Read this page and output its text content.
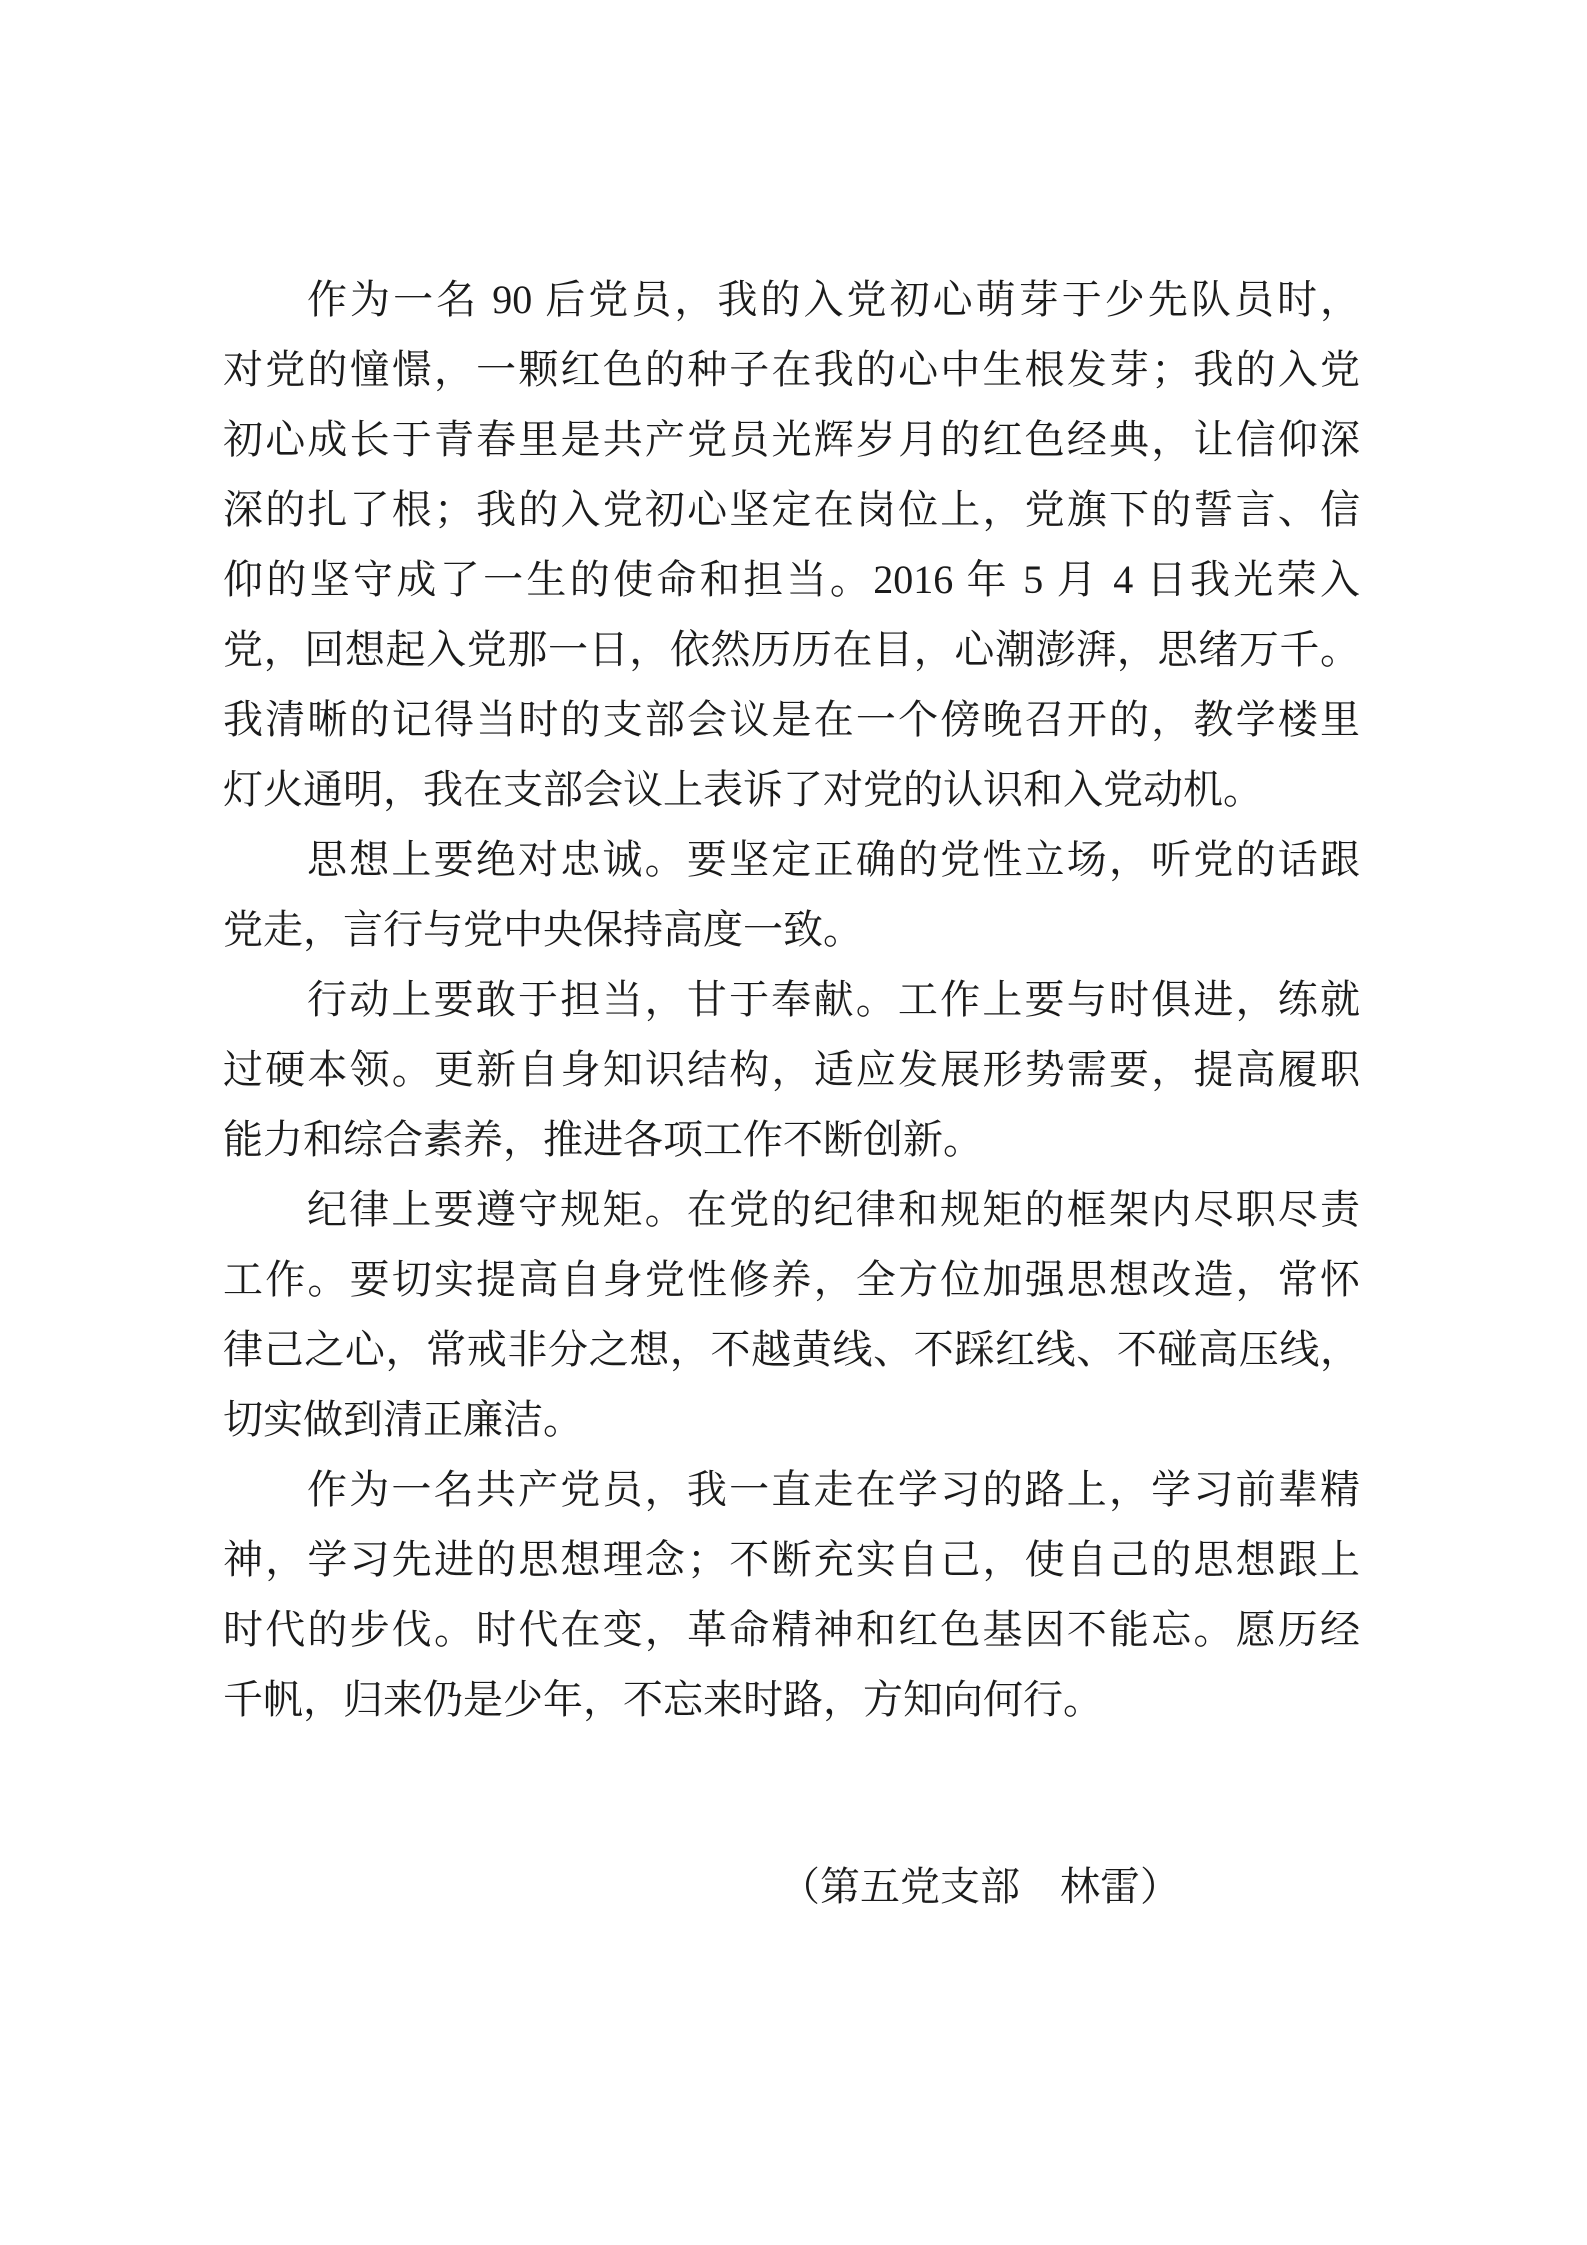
作为一名 90 后党员，我的入党初心萌芽于少先队员时，
对党的憧憬，一颗红色的种子在我的心中生根发芽；我的入党
初心成长于青春里是共产党员光辉岁月的红色经典，让信仰深
深的扎了根；我的入党初心坚定在岗位上，党旗下的誓言、信
仰的坚守成了一生的使命和担当。2016 年 5 月 4 日我光荣入
党，回想起入党那一日，依然历历在目，心潮澎湃，思绪万千。
我清晰的记得当时的支部会议是在一个傍晚召开的，教学楼里
灯火通明，我在支部会议上表诉了对党的认识和入党动机。
思想上要绝对忠诚。要坚定正确的党性立场，听党的话跟
党走，言行与党中央保持高度一致。
行动上要敢于担当，甘于奉献。工作上要与时俱进，练就
过硬本领。更新自身知识结构，适应发展形势需要，提高履职
能力和综合素养，推进各项工作不断创新。
纪律上要遵守规矩。在党的纪律和规矩的框架内尽职尽责
工作。要切实提高自身党性修养，全方位加强思想改造，常怀
律己之心，常戒非分之想，不越黄线、不踩红线、不碰高压线，
切实做到清正廉洁。
作为一名共产党员，我一直走在学习的路上，学习前辈精
神，学习先进的思想理念；不断充实自己，使自己的思想跟上
时代的步伐。时代在变，革命精神和红色基因不能忘。愿历经
千帆，归来仍是少年，不忘来时路，方知向何行。
（第五党支部　林雷）
